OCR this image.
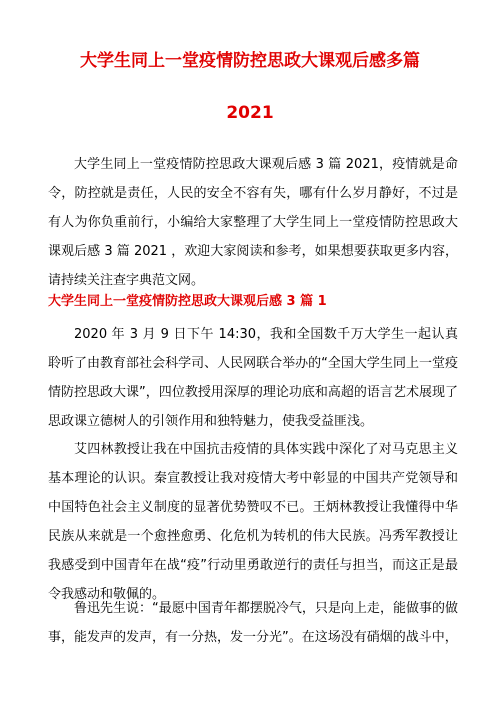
大学生同上一堂疫情防控思政大课观后感多篇
2021

大学生同上一堂疫情防控思政大课观后感 3 篇 2021，疫情就是命令，防控就是责任，人民的安全不容有失，哪有什么岁月静好，不过是有人为你负重前行，小编给大家整理了大学生同上一堂疫情防控思政大课观后感 3 篇 2021 ，欢迎大家阅读和参考，如果想要获取更多内容，请持续关注查字典范文网。

大学生同上一堂疫情防控思政大课观后感 3 篇 1

2020 年 3 月 9 日下午 14:30，我和全国数千万大学生一起认真聆听了由教育部社会科学司、人民网联合举办的“全国大学生同上一堂疫情防控思政大课”，四位教授用深厚的理论功底和高超的语言艺术展现了思政课立德树人的引领作用和独特魅力，使我受益匪浅。

艾四林教授让我在中国抗击疫情的具体实践中深化了对马克思主义基本理论的认识。秦宣教授让我对疫情大考中彰显的中国共产党领导和中国特色社会主义制度的显著优势赞叹不已。王炳林教授让我懂得中华民族从来就是一个愈挫愈勇、化危机为转机的伟大民族。冯秀军教授让我感受到中国青年在战“疫”行动里勇敢逆行的责任与担当，而这正是最令我感动和敬佩的。

鲁迅先生说：“最愿中国青年都摆脱冷气，只是向上走，能做事的做事，能发声的发声，有一分热，发一分光”。在这场没有硝烟的战斗中，
